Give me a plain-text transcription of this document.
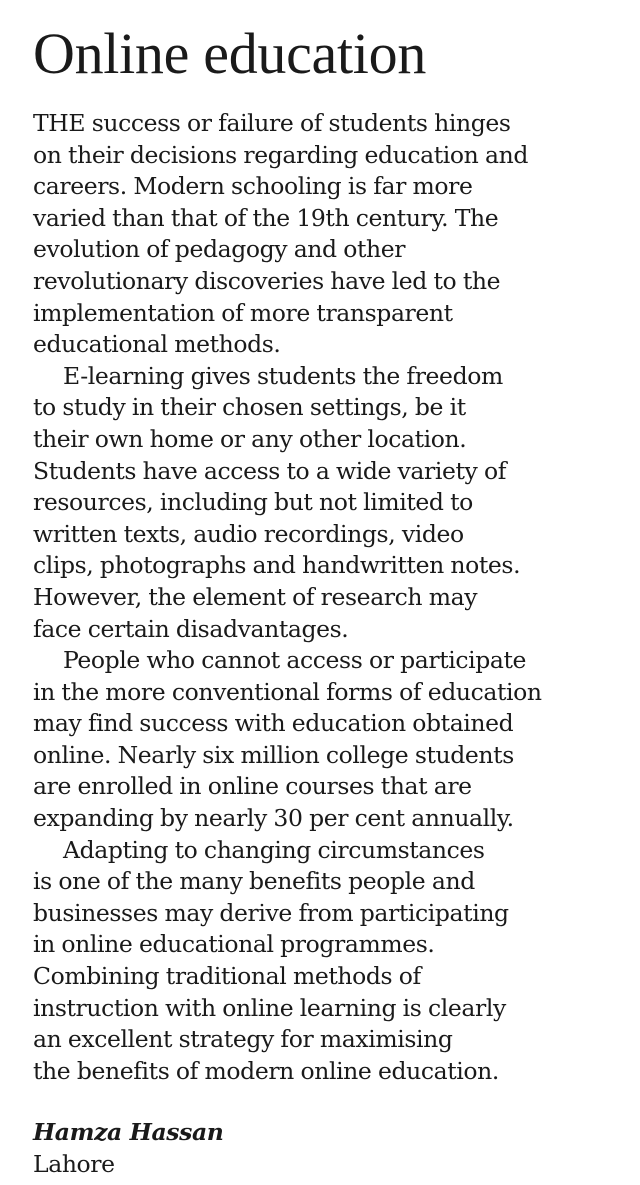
Online education

THE success or failure of students hinges
on their decisions regarding education and
careers. Modern schooling is far more
varied than that of the 19th century. The
evolution of pedagogy and other
revolutionary discoveries have led to the
implementation of more transparent
educational methods.

E-learning gives students the freedom
to study in their chosen settings, be it
their own home or any other location.
Students have access to a wide variety of
resources, including but not limited to
written texts, audio recordings, video
clips, photographs and handwritten notes.
However, the element of research may
face certain disadvantages.

People who cannot access or participate
in the more conventional forms of education
may find success with education obtained
online. Nearly six million college students
are enrolled in online courses that are
expanding by nearly 30 per cent annually.

Adapting to changing circumstances
is one of the many benefits people and
businesses may derive from participating
in online educational programmes.
Combining traditional methods of
instruction with online learning is clearly
an excellent strategy for maximising
the benefits of modern online education.

Hamza Hassan
Lahore
